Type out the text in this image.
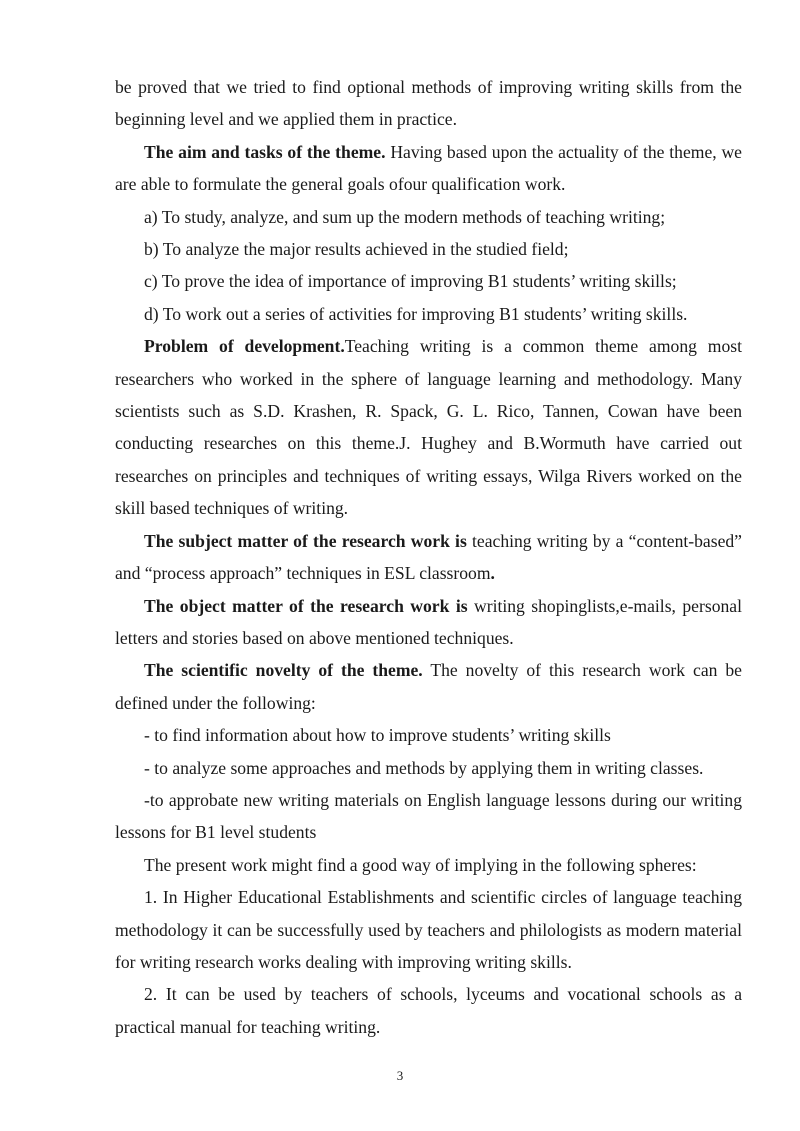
be proved that we tried to find optional methods of improving writing skills from the beginning level and we applied them in practice.

The aim and tasks of the theme. Having based upon the actuality of the theme, we are able to formulate the general goals ofour qualification work.

a) To study, analyze, and sum up the modern methods of teaching writing;

b) To analyze the major results achieved in the studied field;

c) To prove the idea of importance of improving B1 students’ writing skills;

d) To work out a series of activities for improving B1 students’ writing skills.

Problem of development.Teaching writing is a common theme among most researchers who worked in the sphere of language learning and methodology. Many scientists such as S.D. Krashen, R. Spack, G. L. Rico, Tannen, Cowan have been conducting researches on this theme.J. Hughey and B.Wormuth have carried out researches on principles and techniques of writing essays, Wilga Rivers worked on the skill based techniques of writing.

The subject matter of the research work is teaching writing by a “content-based” and “process approach” techniques in ESL classroom.

The object matter of the research work is writing shopinglists,e-mails, personal letters and stories based on above mentioned techniques.

The scientific novelty of the theme. The novelty of this research work can be defined under the following:

- to find information about how to improve students’ writing skills

- to analyze some approaches and methods by applying them in writing classes.

-to approbate new writing materials on English language lessons during our writing lessons for B1 level students

The present work might find a good way of implying in the following spheres:

1. In Higher Educational Establishments and scientific circles of language teaching methodology it can be successfully used by teachers and philologists as modern material for writing research works dealing with improving writing skills.

2. It can be used by teachers of schools, lyceums and vocational schools as a practical manual for teaching writing.

3
